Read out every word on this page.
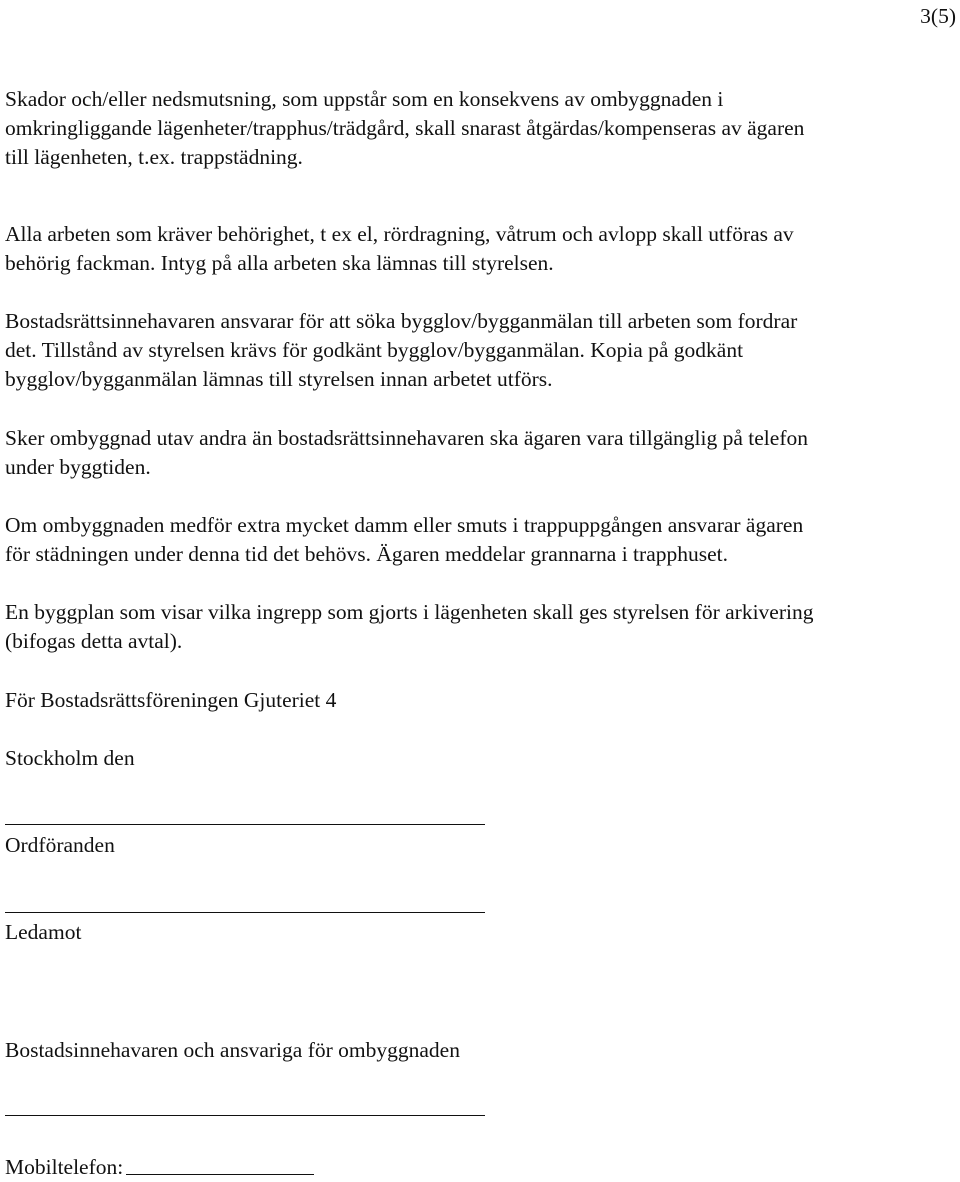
3(5)

Skador och/eller nedsmutsning, som uppstår som en konsekvens av ombyggnaden i
omkringliggande lägenheter/trapphus/trädgård, skall snarast åtgärdas/kompenseras av ägaren
till lägenheten, t.ex. trappstädning.

Alla arbeten som kräver behörighet, t ex el, rördragning, våtrum och avlopp skall utföras av
behörig fackman. Intyg på alla arbeten ska lämnas till styrelsen.

Bostadsrättsinnehavaren ansvarar för att söka bygglov/bygganmälan till arbeten som fordrar
det. Tillstånd av styrelsen krävs för godkänt bygglov/bygganmälan. Kopia på godkänt
bygglov/bygganmälan lämnas till styrelsen innan arbetet utförs.

Sker ombyggnad utav andra än bostadsrättsinnehavaren ska ägaren vara tillgänglig på telefon
under byggtiden.

Om ombyggnaden medför extra mycket damm eller smuts i trappuppgången ansvarar ägaren
för städningen under denna tid det behövs. Ägaren meddelar grannarna i trapphuset.

En byggplan som visar vilka ingrepp som gjorts i lägenheten skall ges styrelsen för arkivering
(bifogas detta avtal).

För Bostadsrättsföreningen Gjuteriet 4

Stockholm den

Ordföranden

Ledamot

Bostadsinnehavaren och ansvariga för ombyggnaden

Mobiltelefon:
